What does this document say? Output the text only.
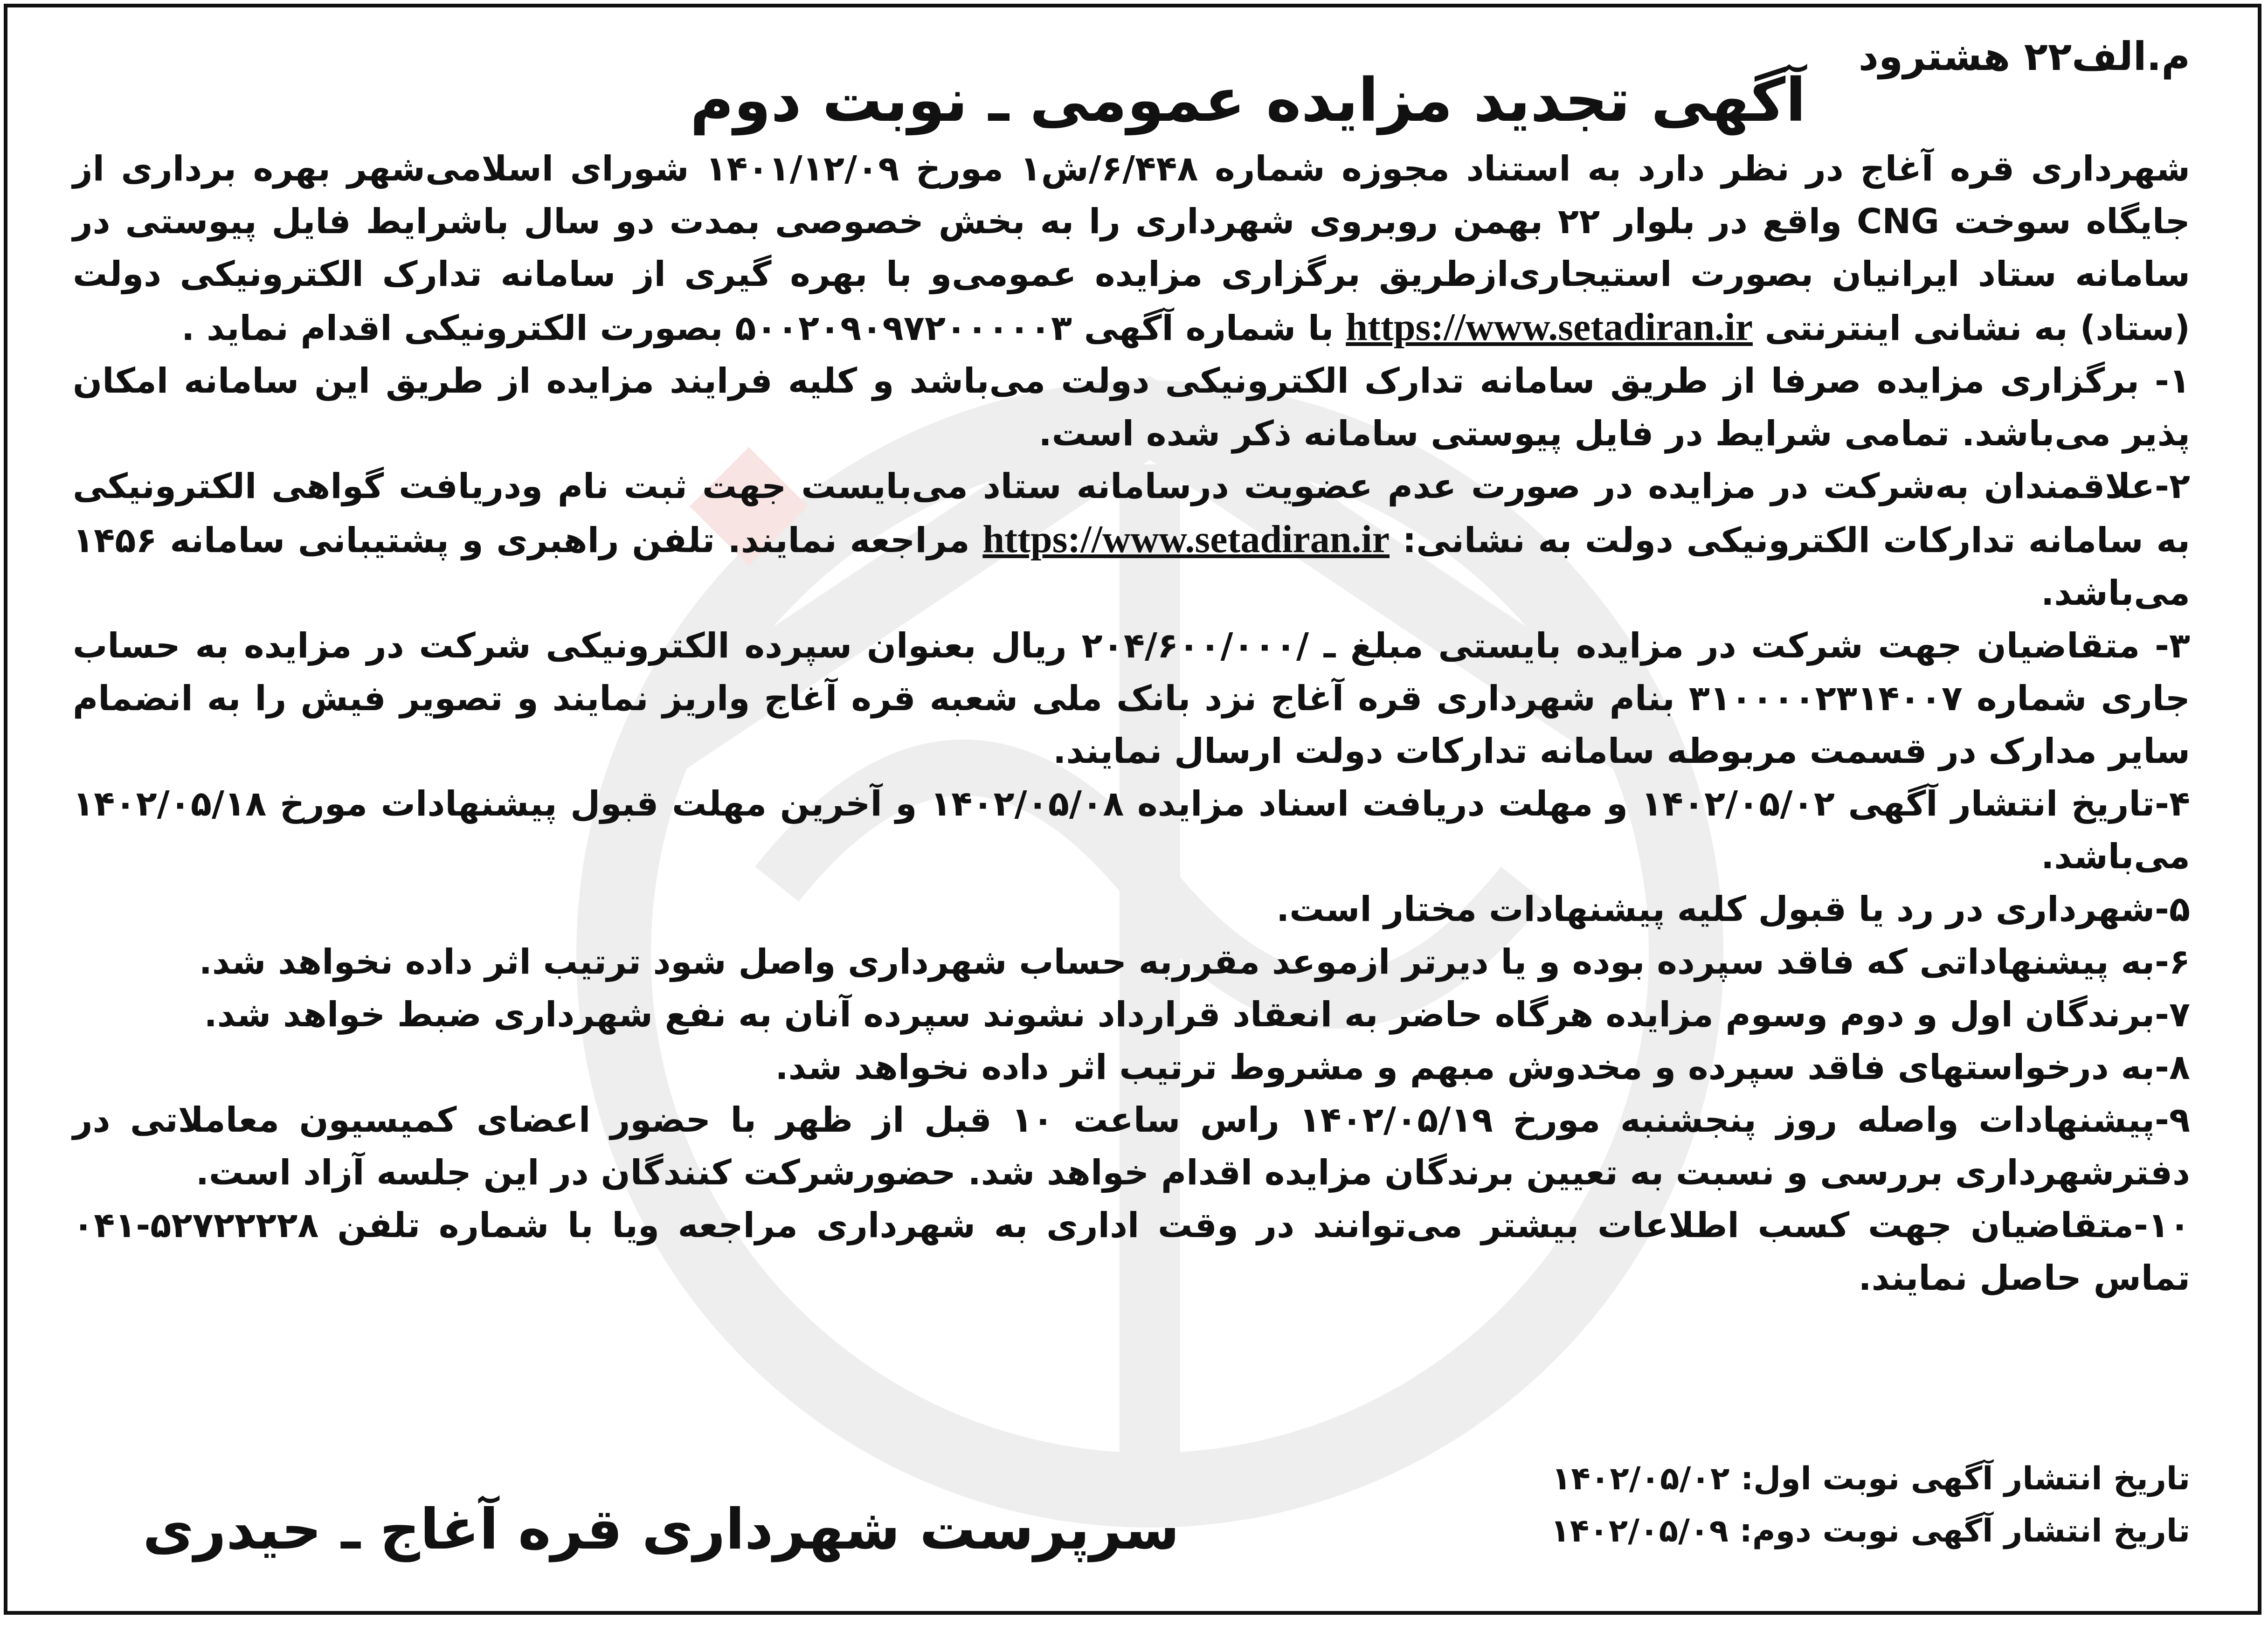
م.الف۲۲ هشترود
آگهی تجدید مزایده عمومی ـ نوبت دوم

شهرداری قره آغاج در نظر دارد به استناد مجوزه شماره ۶/۴۴۸/ش۱ مورخ ۱۴۰۱/۱۲/۰۹ شورای اسلامی‌شهر بهره برداری از جایگاه سوخت CNG واقع در بلوار ۲۲ بهمن روبروی شهرداری را به بخش خصوصی بمدت دو سال باشرایط فایل پیوستی در سامانه ستاد ایرانیان بصورت استیجاری‌ازطریق برگزاری مزایده عمومی‌و با بهره گیری از سامانه تدارک الکترونیکی دولت (ستاد) به نشانی اینترنتی https://www.setadiran.ir با شماره آگهی ۵۰۰۲۰۹۰۹۷۲۰۰۰۰۰۳ بصورت الکترونیکی اقدام نماید .

۱- برگزاری مزایده صرفا از طریق سامانه تدارک الکترونیکی دولت می‌باشد و کلیه فرایند مزایده از طریق این سامانه امکان پذیر می‌باشد. تمامی شرایط در فایل پیوستی سامانه ذکر شده است.

۲-علاقمندان به‌شرکت در مزایده در صورت عدم عضویت درسامانه ستاد می‌بایست جهت ثبت نام ودریافت گواهی الکترونیکی به سامانه تدارکات الکترونیکی دولت به نشانی: https://www.setadiran.ir مراجعه نمایند. تلفن راهبری و پشتیبانی سامانه ۱۴۵۶ می‌باشد.

۳- متقاضیان جهت شرکت در مزایده بایستی مبلغ ـ /۲۰۴/۶۰۰/۰۰۰ ریال بعنوان سپرده الکترونیکی شرکت در مزایده به حساب جاری شماره ۳۱۰۰۰۰۲۳۱۴۰۰۷ بنام شهرداری قره آغاج نزد بانک ملی شعبه قره آغاج واریز نمایند و تصویر فیش را به انضمام سایر مدارک در قسمت مربوطه سامانه تدارکات دولت ارسال نمایند.

۴-تاریخ انتشار آگهی ۱۴۰۲/۰۵/۰۲ و مهلت دریافت اسناد مزایده ۱۴۰۲/۰۵/۰۸ و آخرین مهلت قبول پیشنهادات مورخ ۱۴۰۲/۰۵/۱۸ می‌باشد.

۵-شهرداری در رد یا قبول کلیه پیشنهادات مختار است.

۶-به پیشنهاداتی که فاقد سپرده بوده و یا دیرتر ازموعد مقرربه حساب شهرداری واصل شود ترتیب اثر داده نخواهد شد.

۷-برندگان اول و دوم وسوم مزایده هرگاه حاضر به انعقاد قرارداد نشوند سپرده آنان به نفع شهرداری ضبط خواهد شد.

۸-به درخواستهای فاقد سپرده و مخدوش مبهم و مشروط ترتیب اثر داده نخواهد شد.

۹-پیشنهادات واصله روز پنجشنبه مورخ ۱۴۰۲/۰۵/۱۹ راس ساعت ۱۰ قبل از ظهر با حضور اعضای کمیسیون معاملاتی در دفترشهرداری بررسی و نسبت به تعیین برندگان مزایده اقدام خواهد شد. حضورشرکت کنندگان در این جلسه آزاد است.

۱۰-متقاضیان جهت کسب اطلاعات بیشتر می‌توانند در وقت اداری به شهرداری مراجعه ویا با شماره تلفن ۵۲۷۲۲۲۲۸-۰۴۱ تماس حاصل نمایند.

تاریخ انتشار آگهی نوبت اول: ۱۴۰۲/۰۵/۰۲
تاریخ انتشار آگهی نوبت دوم: ۱۴۰۲/۰۵/۰۹
سرپرست شهرداری قره آغاج ـ حیدری
